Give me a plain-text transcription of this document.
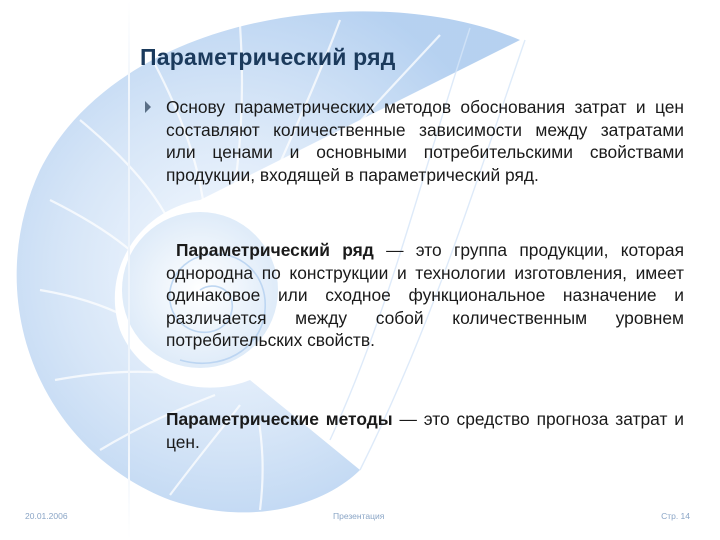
Параметрический ряд

Основу параметрических методов обоснования затрат и цен составляют количественные зависимости между затратами или ценами и основными потребительскими свойствами продукции, входящей в параметрический ряд.

Параметрический ряд — это группа продукции, которая однородна по конструкции и технологии изготовления, имеет одинаковое или сходное функциональное назначение и различается между собой количественным уровнем потребительских свойств.

Параметрические методы — это средство прогноза затрат и цен.

20.01.2006	Презентация	Стр. 14
